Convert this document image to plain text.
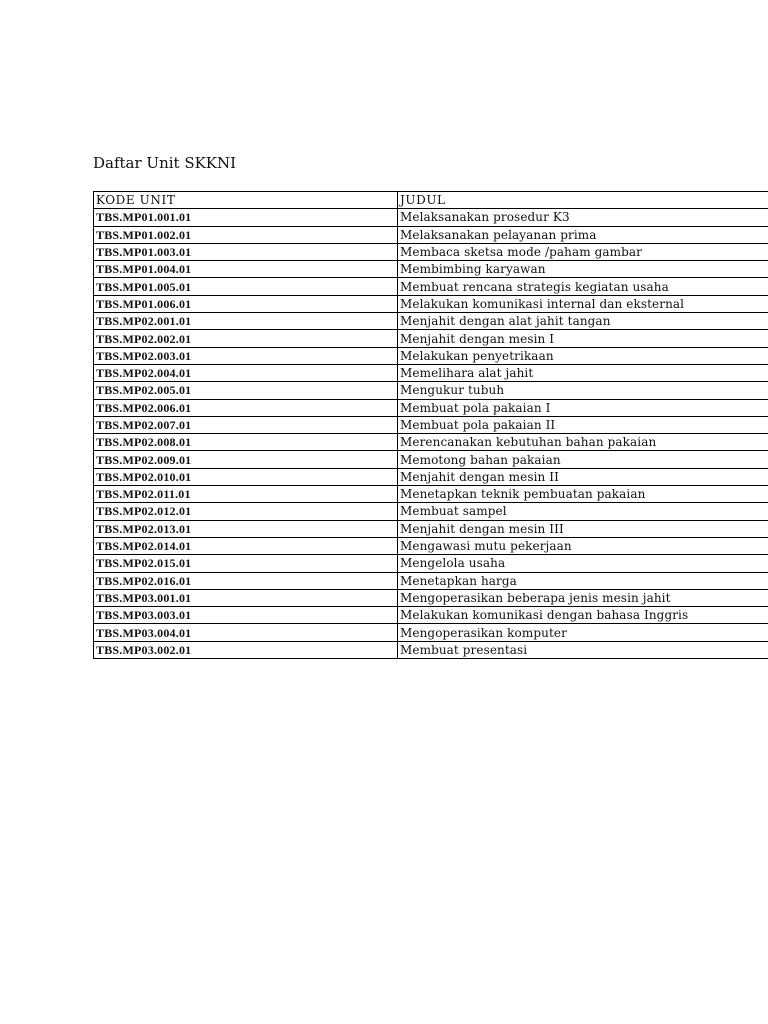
Daftar Unit SKKNI
KODE UNIT	JUDUL
TBS.MP01.001.01	Melaksanakan prosedur K3
TBS.MP01.002.01	Melaksanakan pelayanan prima
TBS.MP01.003.01	Membaca sketsa mode /paham gambar
TBS.MP01.004.01	Membimbing karyawan
TBS.MP01.005.01	Membuat rencana strategis kegiatan usaha
TBS.MP01.006.01	Melakukan komunikasi internal dan eksternal
TBS.MP02.001.01	Menjahit dengan alat jahit tangan
TBS.MP02.002.01	Menjahit dengan mesin I
TBS.MP02.003.01	Melakukan penyetrikaan
TBS.MP02.004.01	Memelihara alat jahit
TBS.MP02.005.01	Mengukur tubuh
TBS.MP02.006.01	Membuat pola pakaian I
TBS.MP02.007.01	Membuat pola pakaian II
TBS.MP02.008.01	Merencanakan kebutuhan bahan pakaian
TBS.MP02.009.01	Memotong bahan pakaian
TBS.MP02.010.01	Menjahit dengan mesin II
TBS.MP02.011.01	Menetapkan teknik pembuatan pakaian
TBS.MP02.012.01	Membuat sampel
TBS.MP02.013.01	Menjahit dengan mesin III
TBS.MP02.014.01	Mengawasi mutu pekerjaan
TBS.MP02.015.01	Mengelola usaha
TBS.MP02.016.01	Menetapkan harga
TBS.MP03.001.01	Mengoperasikan beberapa jenis mesin jahit
TBS.MP03.003.01	Melakukan komunikasi dengan bahasa Inggris
TBS.MP03.004.01	Mengoperasikan komputer
TBS.MP03.002.01	Membuat presentasi
